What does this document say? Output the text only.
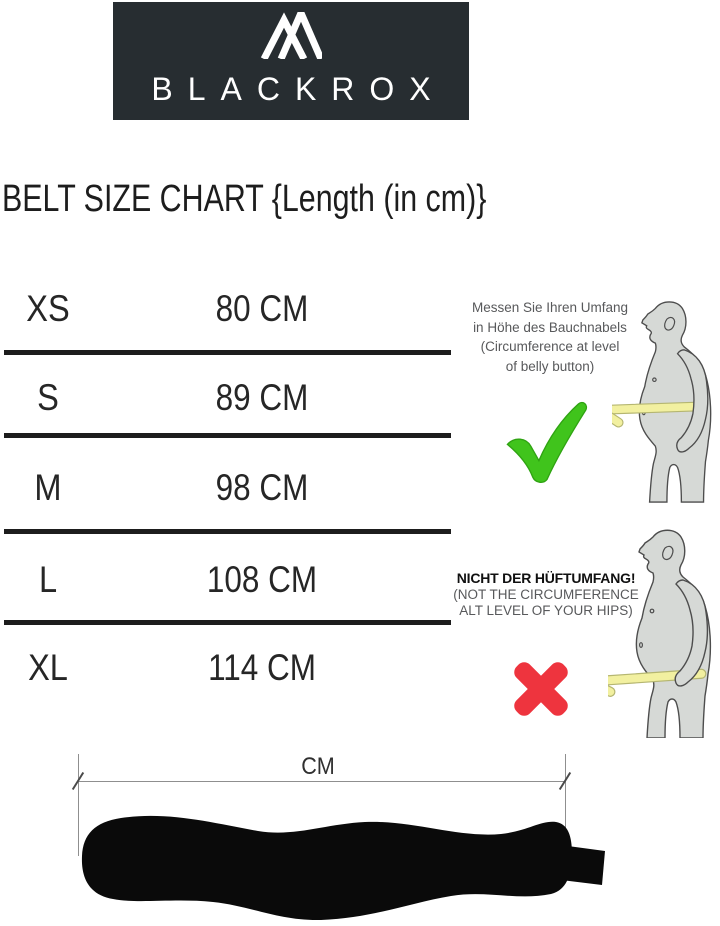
BLACKROX
BELT SIZE CHART {Length (in cm)}
XS	80 CM
S	89 CM
M	98 CM
L	108 CM
XL	114 CM
Messen Sie Ihren Umfang
in Höhe des Bauchnabels
(Circumference at level
of belly button)
NICHT DER HÜFTUMFANG!
(NOT THE CIRCUMFERENCE
ALT LEVEL OF YOUR HIPS)
CM
